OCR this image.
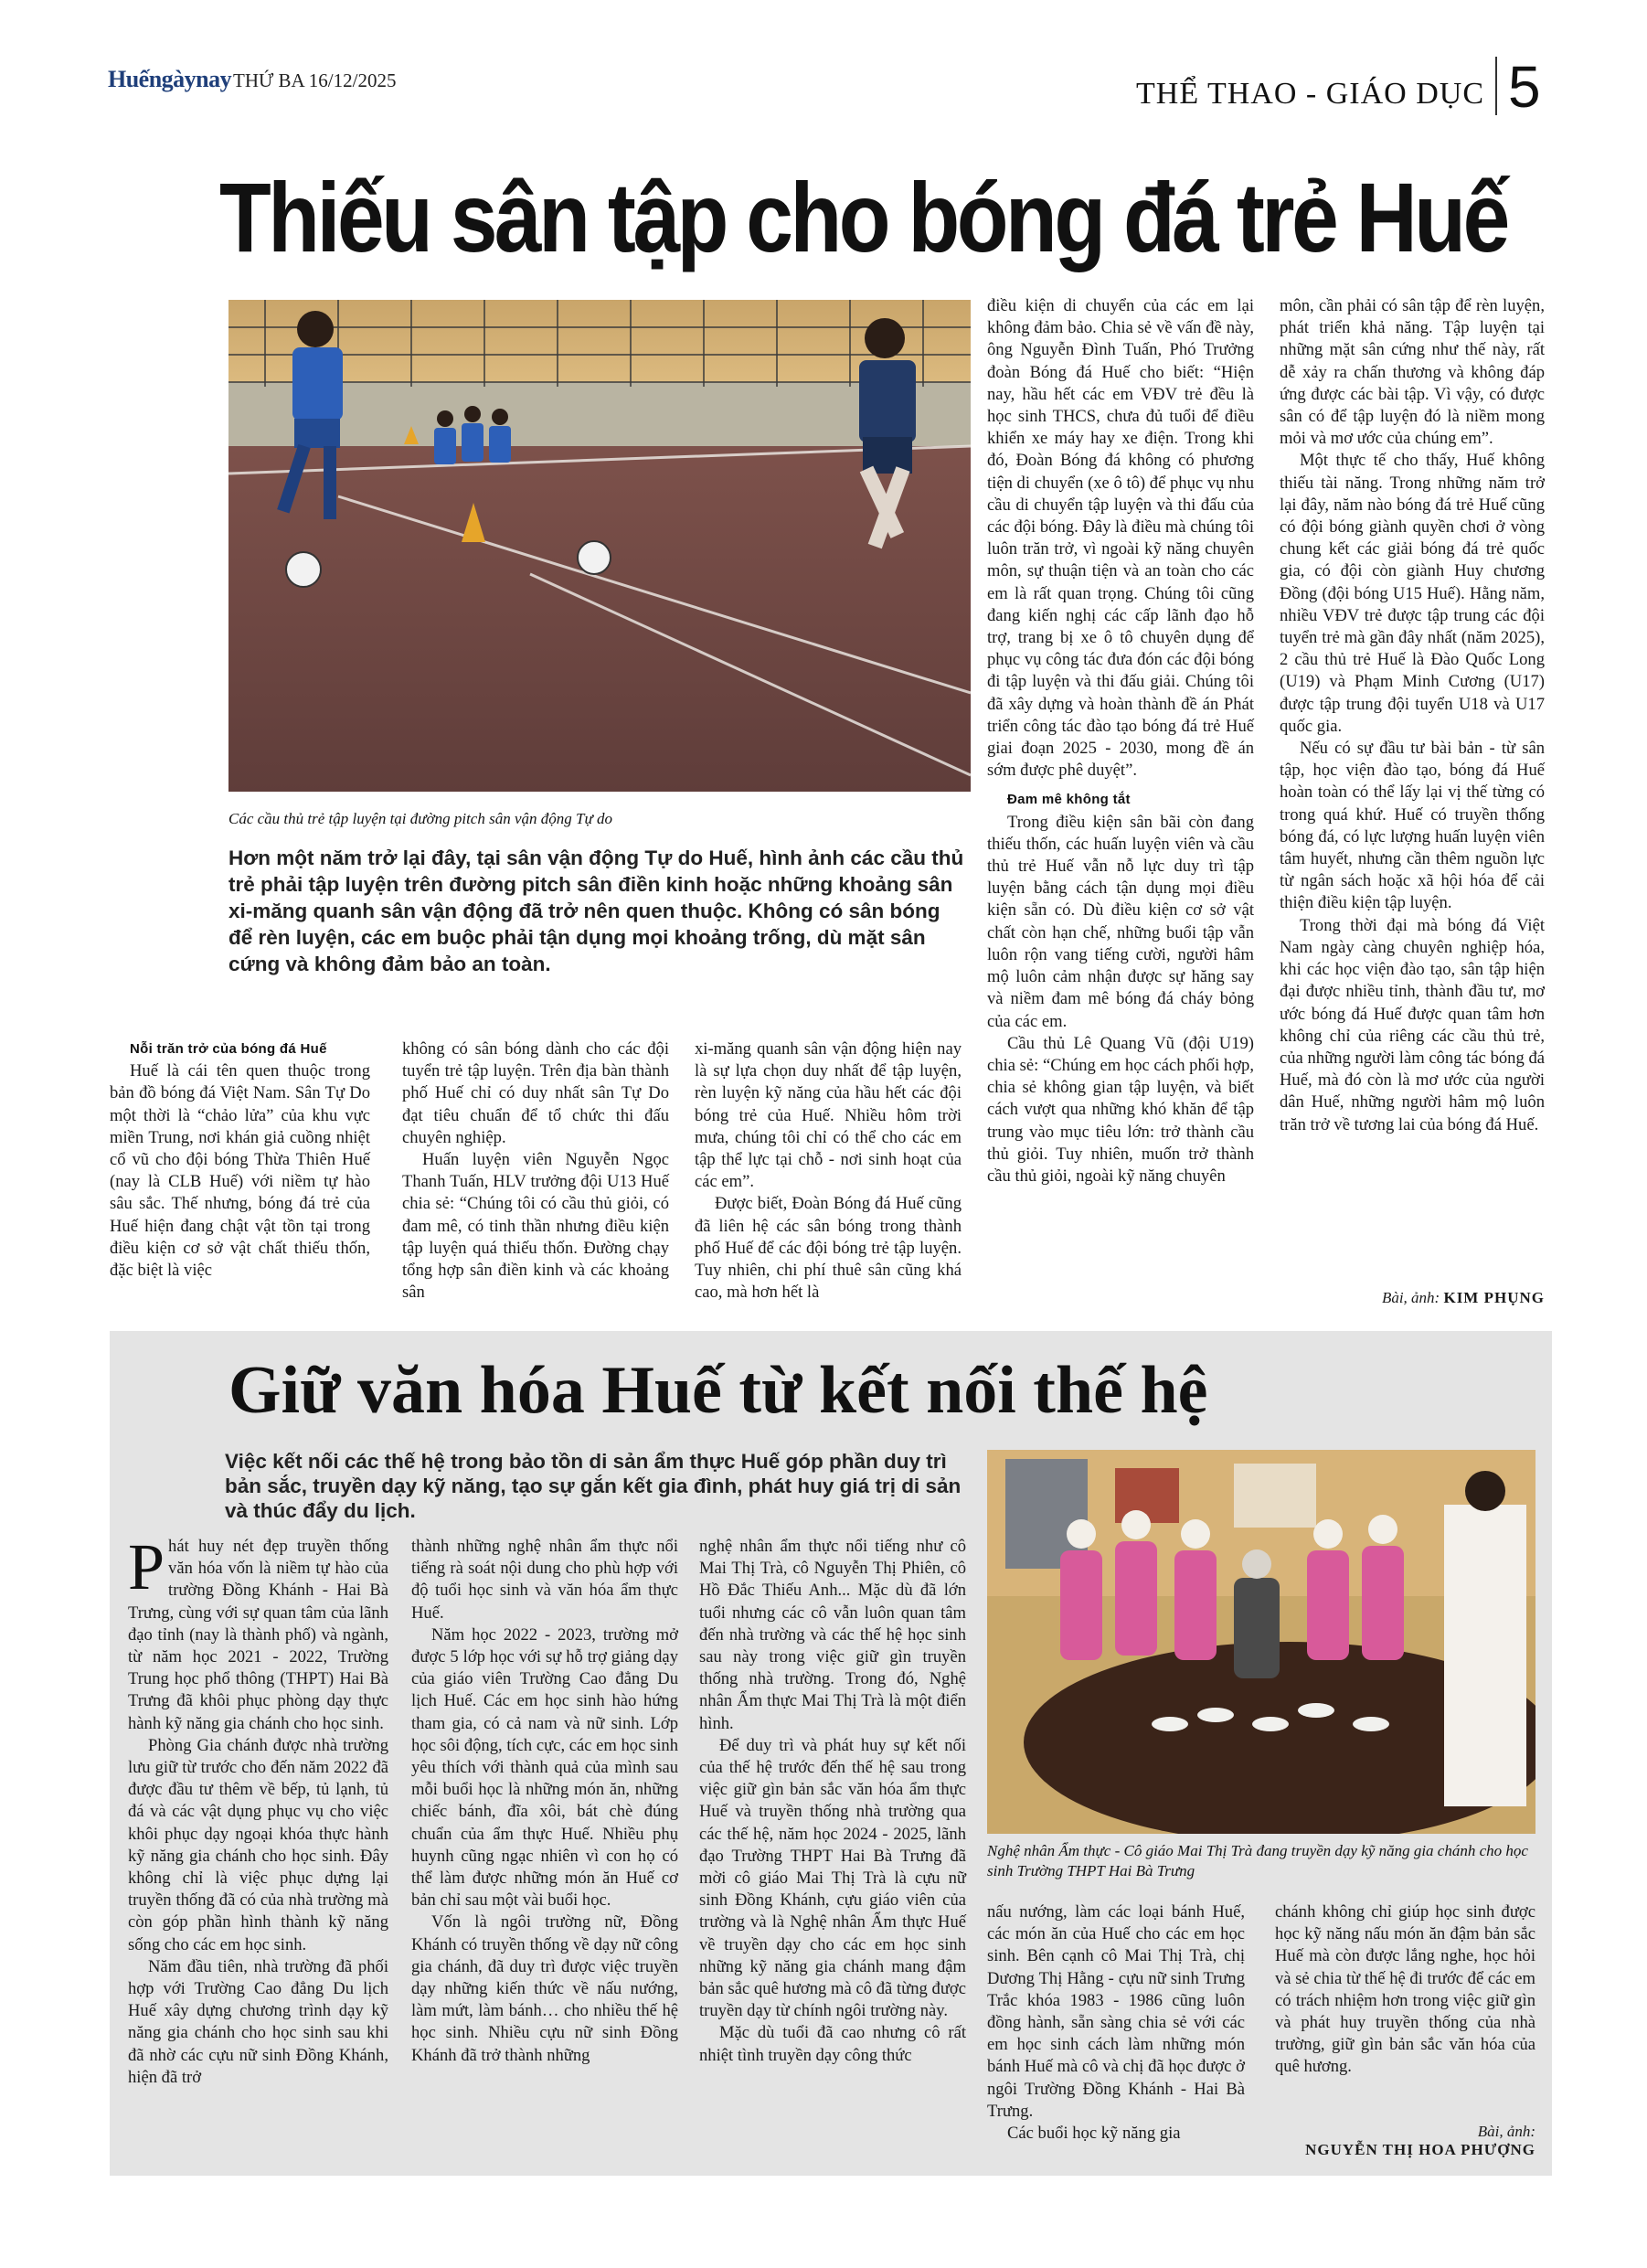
Huếngàynay THỨ BA 16/12/2025	THỂ THAO - GIÁO DỤC 5
Thiếu sân tập cho bóng đá trẻ Huế
Các cầu thủ trẻ tập luyện tại đường pitch sân vận động Tự do
Hơn một năm trở lại đây, tại sân vận động Tự do Huế, hình ảnh các cầu thủ trẻ phải tập luyện trên đường pitch sân điền kinh hoặc những khoảng sân xi-măng quanh sân vận động đã trở nên quen thuộc. Không có sân bóng để rèn luyện, các em buộc phải tận dụng mọi khoảng trống, dù mặt sân cứng và không đảm bảo an toàn.

Nỗi trăn trở của bóng đá Huế

Huế là cái tên quen thuộc trong bản đồ bóng đá Việt Nam. Sân Tự Do một thời là “chảo lửa” của khu vực miền Trung, nơi khán giả cuồng nhiệt cổ vũ cho đội bóng Thừa Thiên Huế (nay là CLB Huế) với niềm tự hào sâu sắc. Thế nhưng, bóng đá trẻ của Huế hiện đang chật vật tồn tại trong điều kiện cơ sở vật chất thiếu thốn, đặc biệt là việc

không có sân bóng dành cho các đội tuyển trẻ tập luyện. Trên địa bàn thành phố Huế chỉ có duy nhất sân Tự Do đạt tiêu chuẩn để tổ chức thi đấu chuyên nghiệp.

Huấn luyện viên Nguyễn Ngọc Thanh Tuấn, HLV trưởng đội U13 Huế chia sẻ: “Chúng tôi có cầu thủ giỏi, có đam mê, có tinh thần nhưng điều kiện tập luyện quá thiếu thốn. Đường chạy tổng hợp sân điền kinh và các khoảng sân

xi-măng quanh sân vận động hiện nay là sự lựa chọn duy nhất để tập luyện, rèn luyện kỹ năng của hầu hết các đội bóng trẻ của Huế. Nhiều hôm trời mưa, chúng tôi chỉ có thể cho các em tập thể lực tại chỗ - nơi sinh hoạt của các em”.

Được biết, Đoàn Bóng đá Huế cũng đã liên hệ các sân bóng trong thành phố Huế để các đội bóng trẻ tập luyện. Tuy nhiên, chi phí thuê sân cũng khá cao, mà hơn hết là

điều kiện di chuyển của các em lại không đảm bảo. Chia sẻ về vấn đề này, ông Nguyễn Đình Tuấn, Phó Trưởng đoàn Bóng đá Huế cho biết: “Hiện nay, hầu hết các em VĐV trẻ đều là học sinh THCS, chưa đủ tuổi để điều khiển xe máy hay xe điện. Trong khi đó, Đoàn Bóng đá không có phương tiện di chuyển (xe ô tô) để phục vụ nhu cầu di chuyển tập luyện và thi đấu của các đội bóng. Đây là điều mà chúng tôi luôn trăn trở, vì ngoài kỹ năng chuyên môn, sự thuận tiện và an toàn cho các em là rất quan trọng. Chúng tôi cũng đang kiến nghị các cấp lãnh đạo hỗ trợ, trang bị xe ô tô chuyên dụng để phục vụ công tác đưa đón các đội bóng đi tập luyện và thi đấu giải. Chúng tôi đã xây dựng và hoàn thành đề án Phát triển công tác đào tạo bóng đá trẻ Huế giai đoạn 2025 - 2030, mong đề án sớm được phê duyệt”.

Đam mê không tắt

Trong điều kiện sân bãi còn đang thiếu thốn, các huấn luyện viên và cầu thủ trẻ Huế vẫn nỗ lực duy trì tập luyện bằng cách tận dụng mọi điều kiện sẵn có. Dù điều kiện cơ sở vật chất còn hạn chế, những buổi tập vẫn luôn rộn vang tiếng cười, người hâm mộ luôn cảm nhận được sự hăng say và niềm đam mê bóng đá cháy bỏng của các em.

Cầu thủ Lê Quang Vũ (đội U19) chia sẻ: “Chúng em học cách phối hợp, chia sẻ không gian tập luyện, và biết cách vượt qua những khó khăn để tập trung vào mục tiêu lớn: trở thành cầu thủ giỏi. Tuy nhiên, muốn trở thành cầu thủ giỏi, ngoài kỹ năng chuyên

môn, cần phải có sân tập để rèn luyện, phát triển khả năng. Tập luyện tại những mặt sân cứng như thế này, rất dễ xảy ra chấn thương và không đáp ứng được các bài tập. Vì vậy, có được sân có để tập luyện đó là niềm mong mỏi và mơ ước của chúng em”.

Một thực tế cho thấy, Huế không thiếu tài năng. Trong những năm trở lại đây, năm nào bóng đá trẻ Huế cũng có đội bóng giành quyền chơi ở vòng chung kết các giải bóng đá trẻ quốc gia, có đội còn giành Huy chương Đồng (đội bóng U15 Huế). Hằng năm, nhiều VĐV trẻ được tập trung các đội tuyển trẻ mà gần đây nhất (năm 2025), 2 cầu thủ trẻ Huế là Đào Quốc Long (U19) và Phạm Minh Cương (U17) được tập trung đội tuyển U18 và U17 quốc gia.

Nếu có sự đầu tư bài bản - từ sân tập, học viện đào tạo, bóng đá Huế hoàn toàn có thể lấy lại vị thế từng có trong quá khứ. Huế có truyền thống bóng đá, có lực lượng huấn luyện viên tâm huyết, nhưng cần thêm nguồn lực từ ngân sách hoặc xã hội hóa để cải thiện điều kiện tập luyện.

Trong thời đại mà bóng đá Việt Nam ngày càng chuyên nghiệp hóa, khi các học viện đào tạo, sân tập hiện đại được nhiều tỉnh, thành đầu tư, mơ ước bóng đá Huế được quan tâm hơn không chỉ của riêng các cầu thủ trẻ, của những người làm công tác bóng đá Huế, mà đó còn là mơ ước của người dân Huế, những người hâm mộ luôn trăn trở về tương lai của bóng đá Huế.

Bài, ảnh: KIM PHỤNG
Giữ văn hóa Huế từ kết nối thế hệ
Việc kết nối các thế hệ trong bảo tồn di sản ẩm thực Huế góp phần duy trì bản sắc, truyền dạy kỹ năng, tạo sự gắn kết gia đình, phát huy giá trị di sản và thúc đẩy du lịch.
Nghệ nhân Ẩm thực - Cô giáo Mai Thị Trà đang truyền dạy kỹ năng gia chánh cho học sinh Trường THPT Hai Bà Trưng

Phát huy nét đẹp truyền thống văn hóa vốn là niềm tự hào của trường Đồng Khánh - Hai Bà Trưng, cùng với sự quan tâm của lãnh đạo tỉnh (nay là thành phố) và ngành, từ năm học 2021 - 2022, Trường Trung học phổ thông (THPT) Hai Bà Trưng đã khôi phục phòng dạy thực hành kỹ năng gia chánh cho học sinh.

Phòng Gia chánh được nhà trường lưu giữ từ trước cho đến năm 2022 đã được đầu tư thêm về bếp, tủ lạnh, tủ đá và các vật dụng phục vụ cho việc khôi phục dạy ngoại khóa thực hành kỹ năng gia chánh cho học sinh. Đây không chỉ là việc phục dựng lại truyền thống đã có của nhà trường mà còn góp phần hình thành kỹ năng sống cho các em học sinh.

Năm đầu tiên, nhà trường đã phối hợp với Trường Cao đẳng Du lịch Huế xây dựng chương trình dạy kỹ năng gia chánh cho học sinh sau khi đã nhờ các cựu nữ sinh Đồng Khánh, hiện đã trở

thành những nghệ nhân ẩm thực nổi tiếng rà soát nội dung cho phù hợp với độ tuổi học sinh và văn hóa ẩm thực Huế.

Năm học 2022 - 2023, trường mở được 5 lớp học với sự hỗ trợ giảng dạy của giáo viên Trường Cao đẳng Du lịch Huế. Các em học sinh hào hứng tham gia, có cả nam và nữ sinh. Lớp học sôi động, tích cực, các em học sinh yêu thích với thành quả của mình sau mỗi buổi học là những món ăn, những chiếc bánh, đĩa xôi, bát chè đúng chuẩn của ẩm thực Huế. Nhiều phụ huynh cũng ngạc nhiên vì con họ có thể làm được những món ăn Huế cơ bản chỉ sau một vài buổi học.

Vốn là ngôi trường nữ, Đồng Khánh có truyền thống về dạy nữ công gia chánh, đã duy trì được việc truyền dạy những kiến thức về nấu nướng, làm mứt, làm bánh… cho nhiều thế hệ học sinh. Nhiều cựu nữ sinh Đồng Khánh đã trở thành những

nghệ nhân ẩm thực nổi tiếng như cô Mai Thị Trà, cô Nguyễn Thị Phiên, cô Hồ Đắc Thiếu Anh... Mặc dù đã lớn tuổi nhưng các cô vẫn luôn quan tâm đến nhà trường và các thế hệ học sinh sau này trong việc giữ gìn truyền thống nhà trường. Trong đó, Nghệ nhân Ẩm thực Mai Thị Trà là một điển hình.

Để duy trì và phát huy sự kết nối của thế hệ trước đến thế hệ sau trong việc giữ gìn bản sắc văn hóa ẩm thực Huế và truyền thống nhà trường qua các thế hệ, năm học 2024 - 2025, lãnh đạo Trường THPT Hai Bà Trưng đã mời cô giáo Mai Thị Trà là cựu nữ sinh Đồng Khánh, cựu giáo viên của trường và là Nghệ nhân Ẩm thực Huế về truyền dạy cho các em học sinh những kỹ năng gia chánh mang đậm bản sắc quê hương mà cô đã từng được truyền dạy từ chính ngôi trường này.

Mặc dù tuổi đã cao nhưng cô rất nhiệt tình truyền dạy công thức

nấu nướng, làm các loại bánh Huế, các món ăn của Huế cho các em học sinh. Bên cạnh cô Mai Thị Trà, chị Dương Thị Hằng - cựu nữ sinh Trưng Trắc khóa 1983 - 1986 cũng luôn đồng hành, sẵn sàng chia sẻ với các em học sinh cách làm những món bánh Huế mà cô và chị đã học được ở ngôi Trường Đồng Khánh - Hai Bà Trưng.

Các buổi học kỹ năng gia

chánh không chỉ giúp học sinh được học kỹ năng nấu món ăn đậm bản sắc Huế mà còn được lắng nghe, học hỏi và sẻ chia từ thế hệ đi trước để các em có trách nhiệm hơn trong việc giữ gìn và phát huy truyền thống của nhà trường, giữ gìn bản sắc văn hóa của quê hương.

Bài, ảnh:
NGUYỄN THỊ HOA PHƯỢNG
